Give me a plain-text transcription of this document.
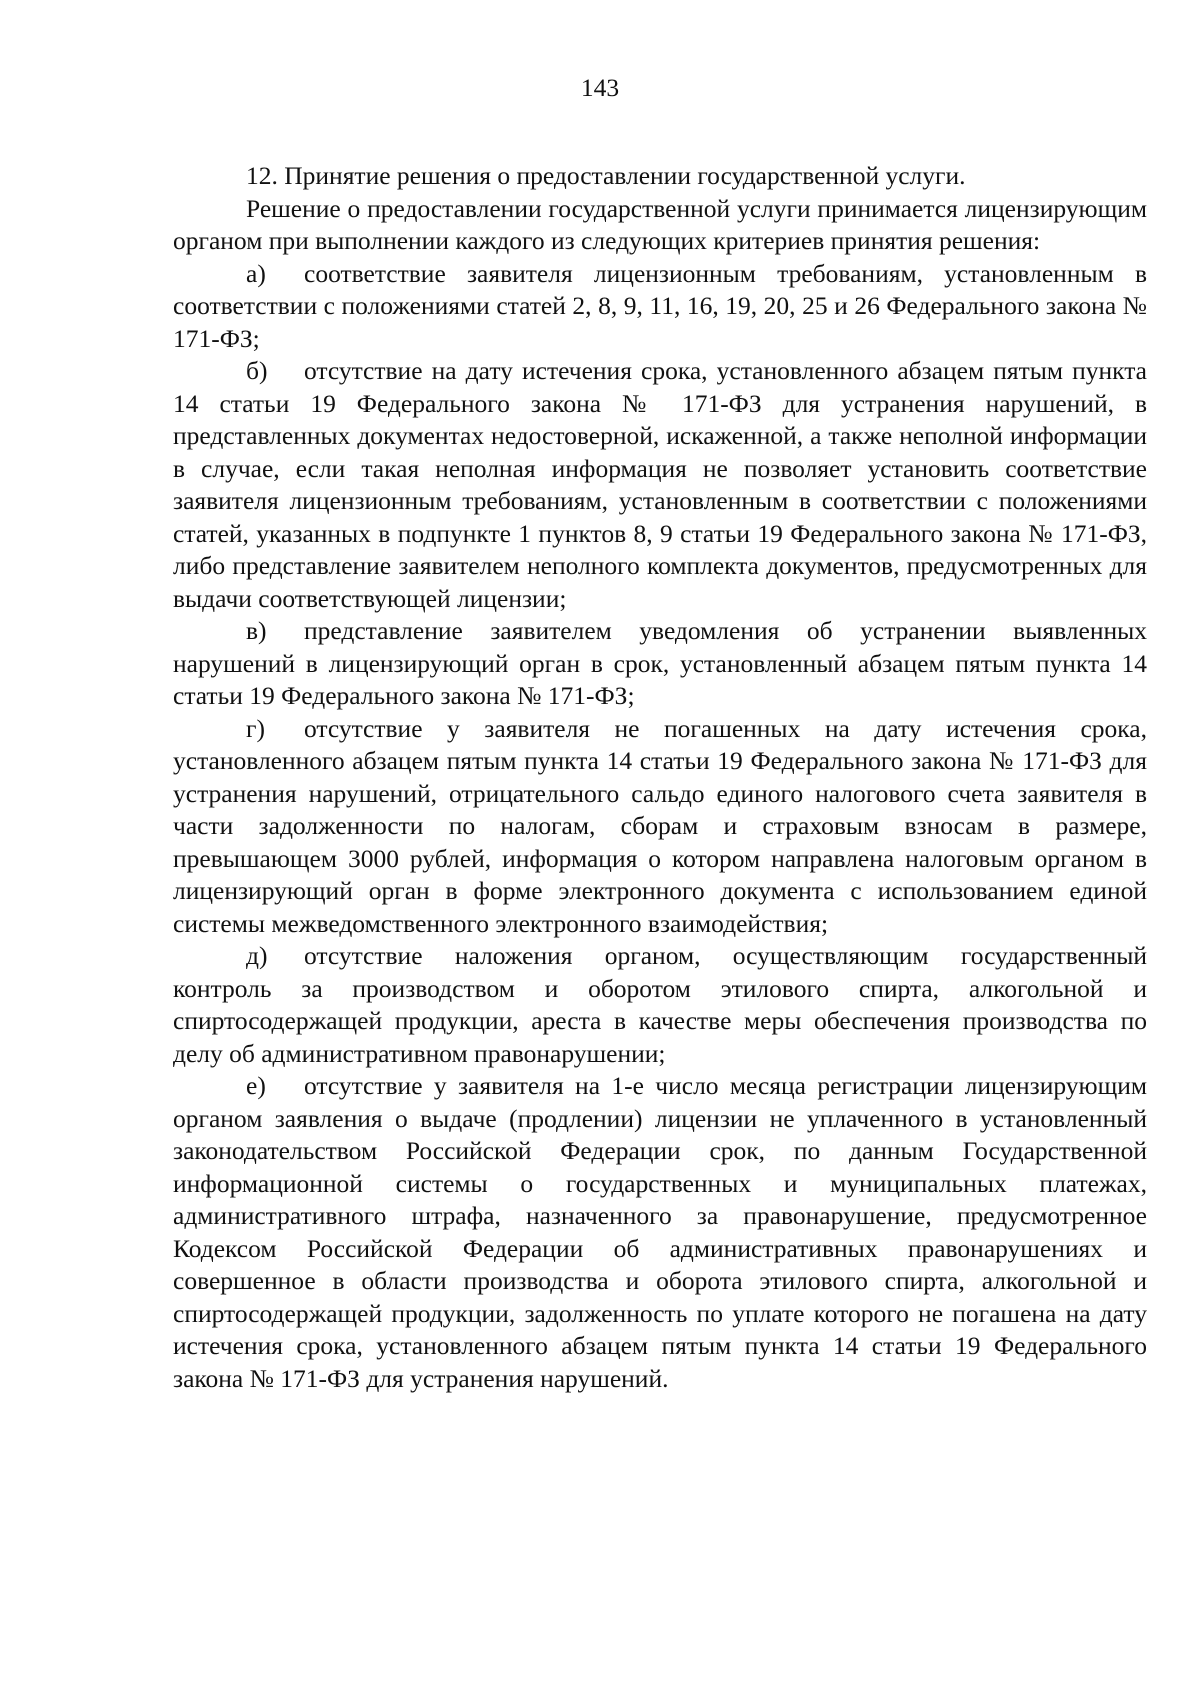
143

12. Принятие решения о предоставлении государственной услуги.

Решение о предоставлении государственной услуги принимается лицензирующим органом при выполнении каждого из следующих критериев принятия решения:

а) соответствие заявителя лицензионным требованиям, установленным в соответствии с положениями статей 2, 8, 9, 11, 16, 19, 20, 25 и 26 Федерального закона № 171-ФЗ;

б) отсутствие на дату истечения срока, установленного абзацем пятым пункта 14 статьи 19 Федерального закона № 171-ФЗ для устранения нарушений, в представленных документах недостоверной, искаженной, а также неполной информации в случае, если такая неполная информация не позволяет установить соответствие заявителя лицензионным требованиям, установленным в соответствии с положениями статей, указанных в подпункте 1 пунктов 8, 9 статьи 19 Федерального закона № 171-ФЗ, либо представление заявителем неполного комплекта документов, предусмотренных для выдачи соответствующей лицензии;

в) представление заявителем уведомления об устранении выявленных нарушений в лицензирующий орган в срок, установленный абзацем пятым пункта 14 статьи 19 Федерального закона № 171-ФЗ;

г) отсутствие у заявителя не погашенных на дату истечения срока, установленного абзацем пятым пункта 14 статьи 19 Федерального закона № 171-ФЗ для устранения нарушений, отрицательного сальдо единого налогового счета заявителя в части задолженности по налогам, сборам и страховым взносам в размере, превышающем 3000 рублей, информация о котором направлена налоговым органом в лицензирующий орган в форме электронного документа с использованием единой системы межведомственного электронного взаимодействия;

д) отсутствие наложения органом, осуществляющим государственный контроль за производством и оборотом этилового спирта, алкогольной и спиртосодержащей продукции, ареста в качестве меры обеспечения производства по делу об административном правонарушении;

е) отсутствие у заявителя на 1-е число месяца регистрации лицензирующим органом заявления о выдаче (продлении) лицензии не уплаченного в установленный законодательством Российской Федерации срок, по данным Государственной информационной системы о государственных и муниципальных платежах, административного штрафа, назначенного за правонарушение, предусмотренное Кодексом Российской Федерации об административных правонарушениях и совершенное в области производства и оборота этилового спирта, алкогольной и спиртосодержащей продукции, задолженность по уплате которого не погашена на дату истечения срока, установленного абзацем пятым пункта 14 статьи 19 Федерального закона № 171-ФЗ для устранения нарушений.
